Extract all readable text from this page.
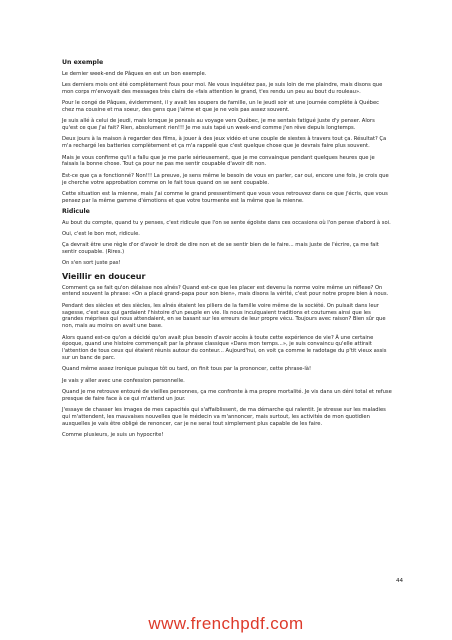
Un exemple

Le dernier week-end de Pâques en est un bon exemple.

Les derniers mois ont été complètement fous pour moi. Ne vous inquiétez pas, je suis loin de me plaindre, mais disons que mon corps m'envoyait des messages très clairs de «fais attention le grand, t'es rendu un peu au bout du rouleau».

Pour le congé de Pâques, évidemment, il y avait les soupers de famille, un le jeudi soir et une journée complète à Québec chez ma cousine et ma soeur, des gens que j'aime et que je ne vois pas assez souvent.

Je suis allé à celui de jeudi, mais lorsque je pensais au voyage vers Québec, je me sentais fatigué juste d'y penser. Alors qu'est ce que j'ai fait? Rien, absolument rien!!! Je me suis tapé un week-end comme j'en rêve depuis longtemps.

Deux jours à la maison à regarder des films, à jouer à des jeux vidéo et une couple de siestes à travers tout ça. Résultat? Ça m'a rechargé les batteries complètement et ça m'a rappelé que c'est quelque chose que je devrais faire plus souvent.

Mais je vous confirme qu'il a fallu que je me parle sérieusement, que je me convainque pendant quelques heures que je faisais la bonne chose. Tout ça pour ne pas me sentir coupable d'avoir dit non.

Est-ce que ça a fonctionné? Non!!! La preuve, je sens même le besoin de vous en parler, car oui, encore une fois, je crois que je cherche votre approbation comme on le fait tous quand on se sent coupable.

Cette situation est la mienne, mais j'ai comme le grand pressentiment que vous vous retrouvez dans ce que j'écris, que vous pensez par la même gamme d'émotions et que votre tourmente est la même que la mienne.

Ridicule

Au bout du compte, quand tu y penses, c'est ridicule que l'on se sente égoïste dans ces occasions où l'on pense d'abord à soi.

Oui, c'est le bon mot, ridicule.

Ça devrait être une règle d'or d'avoir le droit de dire non et de se sentir bien de le faire... mais juste de l'écrire, ça me fait sentir coupable. (Rires.)

On s'en sort juste pas!

Vieillir en douceur

Comment ça se fait qu'on délaisse nos aînés? Quand est-ce que les placer est devenu la norme voire même un réflexe? On entend souvent la phrase: «On a placé grand-papa pour son bien», mais disons la vérité, c'est pour notre propre bien à nous.

Pendant des siècles et des siècles, les aînés étaient les piliers de la famille voire même de la société. On puisait dans leur sagesse, c'est eux qui gardaient l'histoire d'un peuple en vie. Ils nous inculquaient traditions et coutumes ainsi que les grandes méprises qui nous attendaient, en se basant sur les erreurs de leur propre vécu. Toujours avec raison? Bien sûr que non, mais au moins on avait une base.

Alors quand est-ce qu'on a décidé qu'on avait plus besoin d'avoir accès à toute cette expérience de vie? À une certaine époque, quand une histoire commençait par la phrase classique «Dans mon temps...», je suis convaincu qu'elle attirait l'attention de tous ceux qui étaient réunis autour du conteur... Aujourd'hui, on voit ça comme le radotage du p'tit vieux assis sur un banc de parc.

Quand même assez ironique puisque tôt ou tard, on finit tous par la prononcer, cette phrase-là!

Je vais y aller avec une confession personnelle.

Quand je me retrouve entouré de vieilles personnes, ça me confronte à ma propre mortalité. Je vis dans un déni total et refuse presque de faire face à ce qui m'attend un jour.

J'essaye de chasser les images de mes capacités qui s'affaiblissent, de ma démarche qui ralentit. Je stresse sur les maladies qui m'attendent, les mauvaises nouvelles que le médecin va m'annoncer, mais surtout, les activités de mon quotidien auxquelles je vais être obligé de renoncer, car je ne serai tout simplement plus capable de les faire.

Comme plusieurs, je suis un hypocrite!

44
www.frenchpdf.com
